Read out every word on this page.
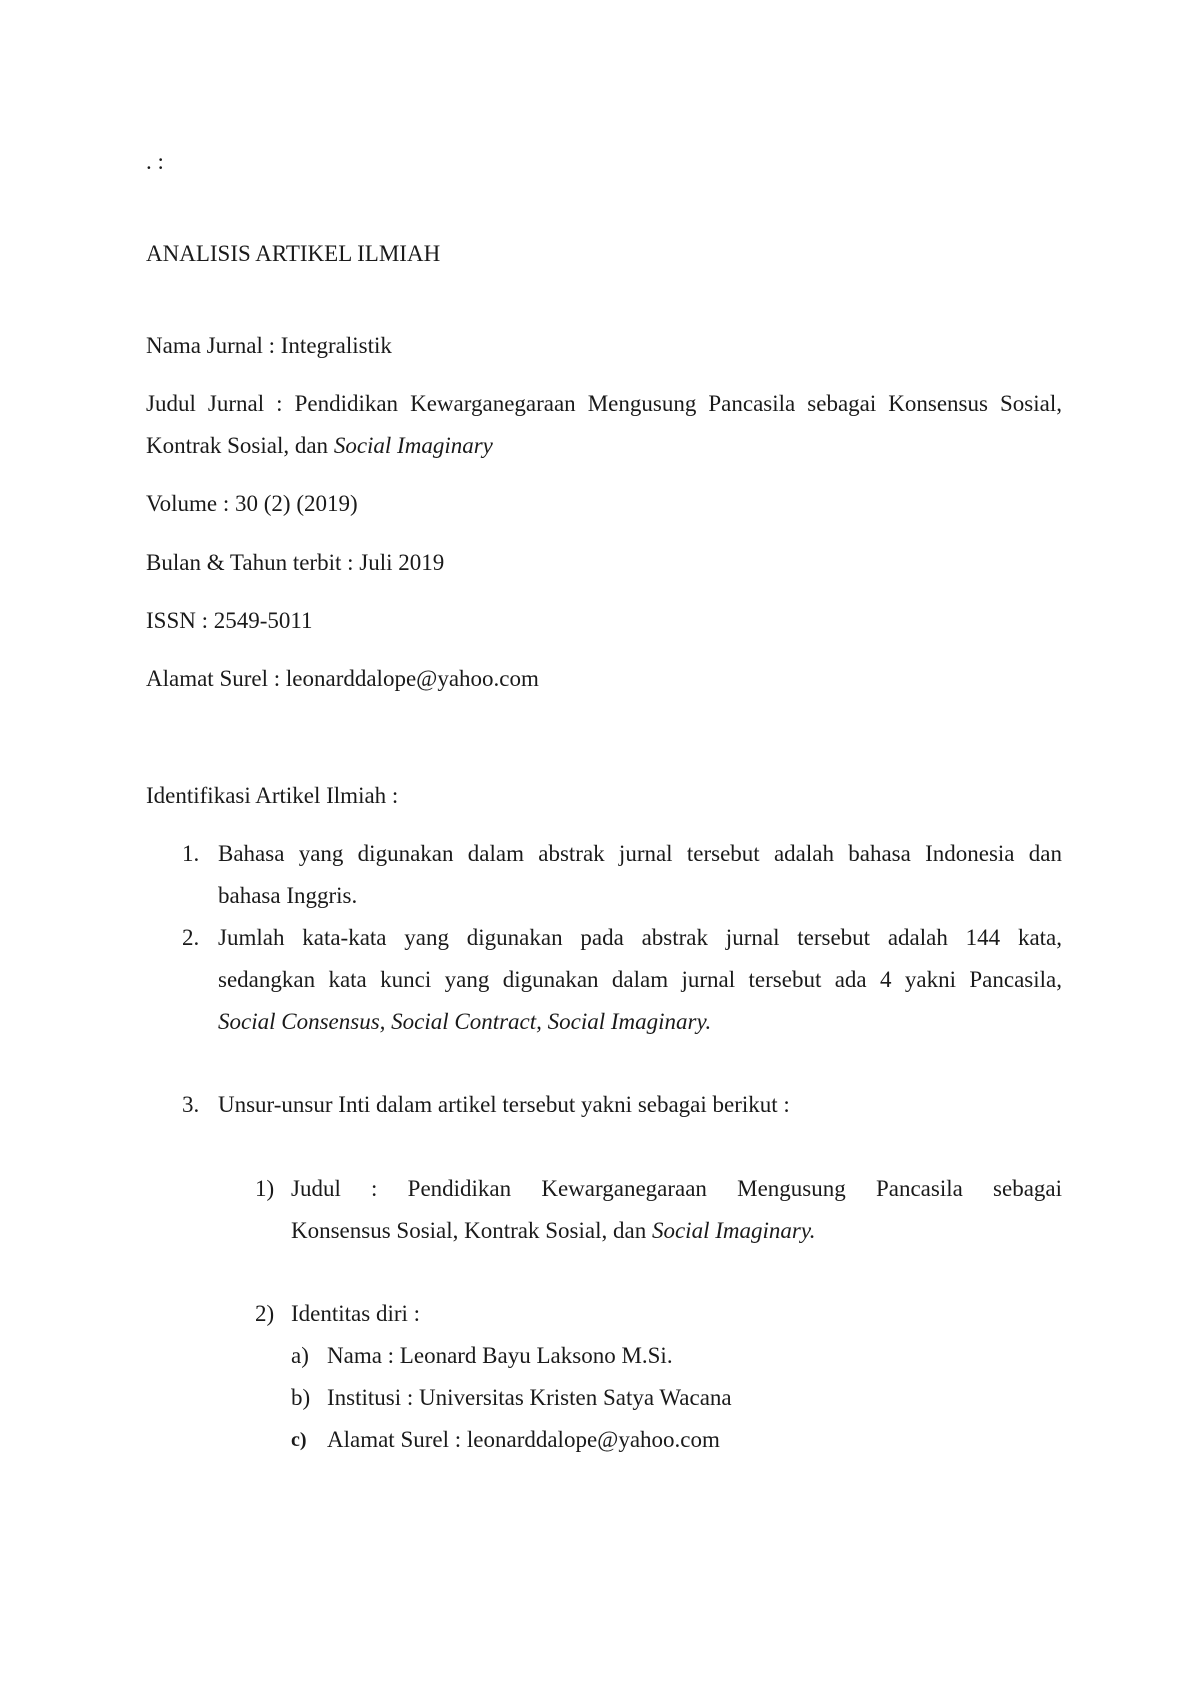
. :
ANALISIS ARTIKEL ILMIAH
Nama Jurnal : Integralistik
Judul Jurnal : Pendidikan Kewarganegaraan Mengusung Pancasila sebagai Konsensus Sosial,
Kontrak Sosial, dan Social Imaginary
Volume : 30 (2) (2019)
Bulan & Tahun terbit : Juli 2019
ISSN : 2549-5011
Alamat Surel : leonarddalope@yahoo.com
Identifikasi Artikel Ilmiah :
1. Bahasa yang digunakan dalam abstrak jurnal tersebut adalah bahasa Indonesia dan
bahasa Inggris.
2. Jumlah kata-kata yang digunakan pada abstrak jurnal tersebut adalah 144 kata,
sedangkan kata kunci yang digunakan dalam jurnal tersebut ada 4 yakni Pancasila,
Social Consensus, Social Contract, Social Imaginary.
3. Unsur-unsur Inti dalam artikel tersebut yakni sebagai berikut :
1) Judul : Pendidikan Kewarganegaraan Mengusung Pancasila sebagai
Konsensus Sosial, Kontrak Sosial, dan Social Imaginary.
2) Identitas diri :
a) Nama : Leonard Bayu Laksono M.Si.
b) Institusi : Universitas Kristen Satya Wacana
c) Alamat Surel : leonarddalope@yahoo.com
